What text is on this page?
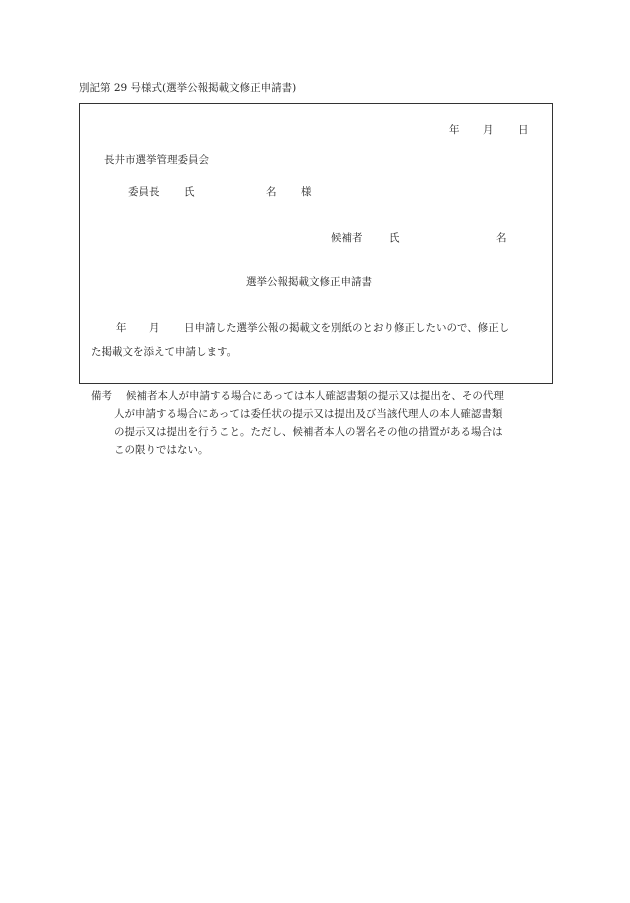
別記第 29 号様式(選挙公報掲載文修正申請書)
年 月 日
長井市選挙管理委員会
委員長 氏	名 様
候補者	氏	名
選挙公報掲載文修正申請書
年 月 日申請した選挙公報の掲載文を別紙のとおり修正したいので、修正し
た掲載文を添えて申請します。
備考 候補者本人が申請する場合にあっては本人確認書類の提示又は提出を、その代理
人が申請する場合にあっては委任状の提示又は提出及び当該代理人の本人確認書類
の提示又は提出を行うこと。ただし、候補者本人の署名その他の措置がある場合は
この限りではない。
